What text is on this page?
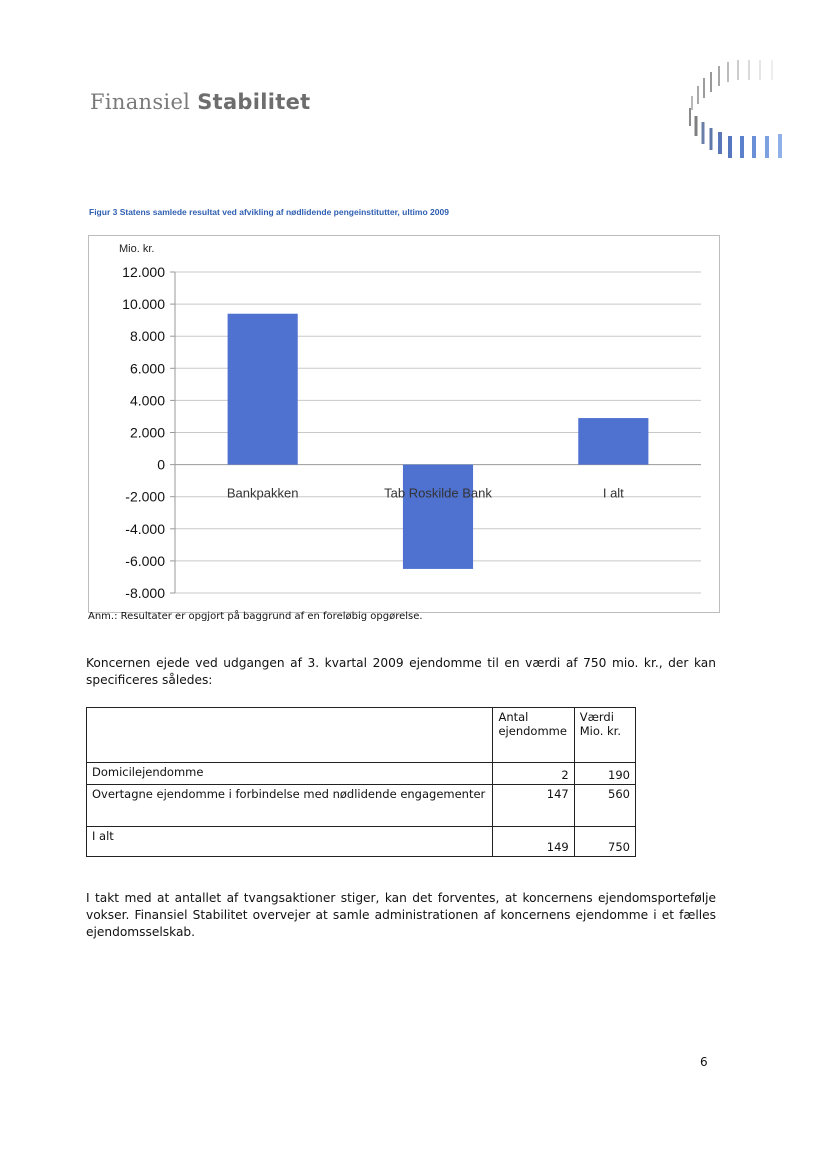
Finansiel Stabilitet
Figur 3 Statens samlede resultat ved afvikling af nødlidende pengeinstitutter, ultimo 2009
12.000
10.000
8.000
6.000
4.000
2.000
0
-2.000
-4.000
-6.000
-8.000
Bankpakken	Tab Roskilde Bank	I alt
Mio. kr.
Anm.: Resultater er opgjort på baggrund af en foreløbig opgørelse.
Koncernen ejede ved udgangen af 3. kvartal 2009 ejendomme til en værdi af 750 mio. kr., der kan specificeres således:
	Antal ejendomme	Værdi Mio. kr.
Domicilejendomme	2	190
Overtagne ejendomme i forbindelse med nødlidende engagementer	147	560
I alt	149	750
I takt med at antallet af tvangsaktioner stiger, kan det forventes, at koncernens ejendomsportefølje vokser. Finansiel Stabilitet overvejer at samle administrationen af koncernens ejendomme i et fælles ejendomsselskab.
6
